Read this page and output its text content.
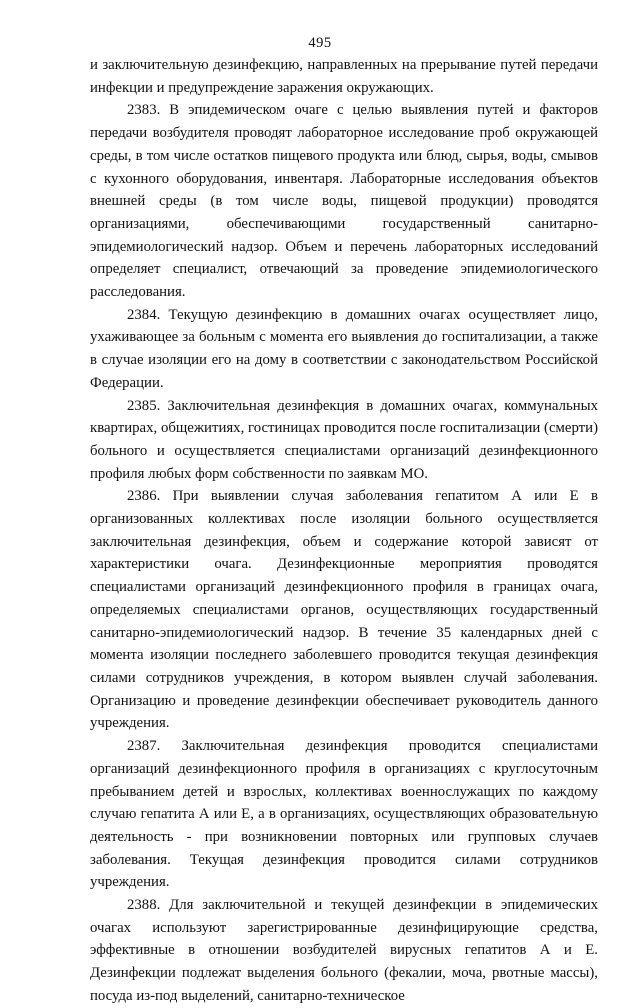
495

и заключительную дезинфекцию, направленных на прерывание путей передачи инфекции и предупреждение заражения окружающих.

2383. В эпидемическом очаге с целью выявления путей и факторов передачи возбудителя проводят лабораторное исследование проб окружающей среды, в том числе остатков пищевого продукта или блюд, сырья, воды, смывов с кухонного оборудования, инвентаря. Лабораторные исследования объектов внешней среды (в том числе воды, пищевой продукции) проводятся организациями, обеспечивающими государственный санитарно-эпидемиологический надзор. Объем и перечень лабораторных исследований определяет специалист, отвечающий за проведение эпидемиологического расследования.

2384. Текущую дезинфекцию в домашних очагах осуществляет лицо, ухаживающее за больным с момента его выявления до госпитализации, а также в случае изоляции его на дому в соответствии с законодательством Российской Федерации.

2385. Заключительная дезинфекция в домашних очагах, коммунальных квартирах, общежитиях, гостиницах проводится после госпитализации (смерти) больного и осуществляется специалистами организаций дезинфекционного профиля любых форм собственности по заявкам МО.

2386. При выявлении случая заболевания гепатитом А или Е в организованных коллективах после изоляции больного осуществляется заключительная дезинфекция, объем и содержание которой зависят от характеристики очага. Дезинфекционные мероприятия проводятся специалистами организаций дезинфекционного профиля в границах очага, определяемых специалистами органов, осуществляющих государственный санитарно-эпидемиологический надзор. В течение 35 календарных дней с момента изоляции последнего заболевшего проводится текущая дезинфекция силами сотрудников учреждения, в котором выявлен случай заболевания. Организацию и проведение дезинфекции обеспечивает руководитель данного учреждения.

2387. Заключительная дезинфекция проводится специалистами организаций дезинфекционного профиля в организациях с круглосуточным пребыванием детей и взрослых, коллективах военнослужащих по каждому случаю гепатита А или Е, а в организациях, осуществляющих образовательную деятельность - при возникновении повторных или групповых случаев заболевания. Текущая дезинфекция проводится силами сотрудников учреждения.

2388. Для заключительной и текущей дезинфекции в эпидемических очагах используют зарегистрированные дезинфицирующие средства, эффективные в отношении возбудителей вирусных гепатитов А и Е. Дезинфекции подлежат выделения больного (фекалии, моча, рвотные массы), посуда из-под выделений, санитарно-техническое
